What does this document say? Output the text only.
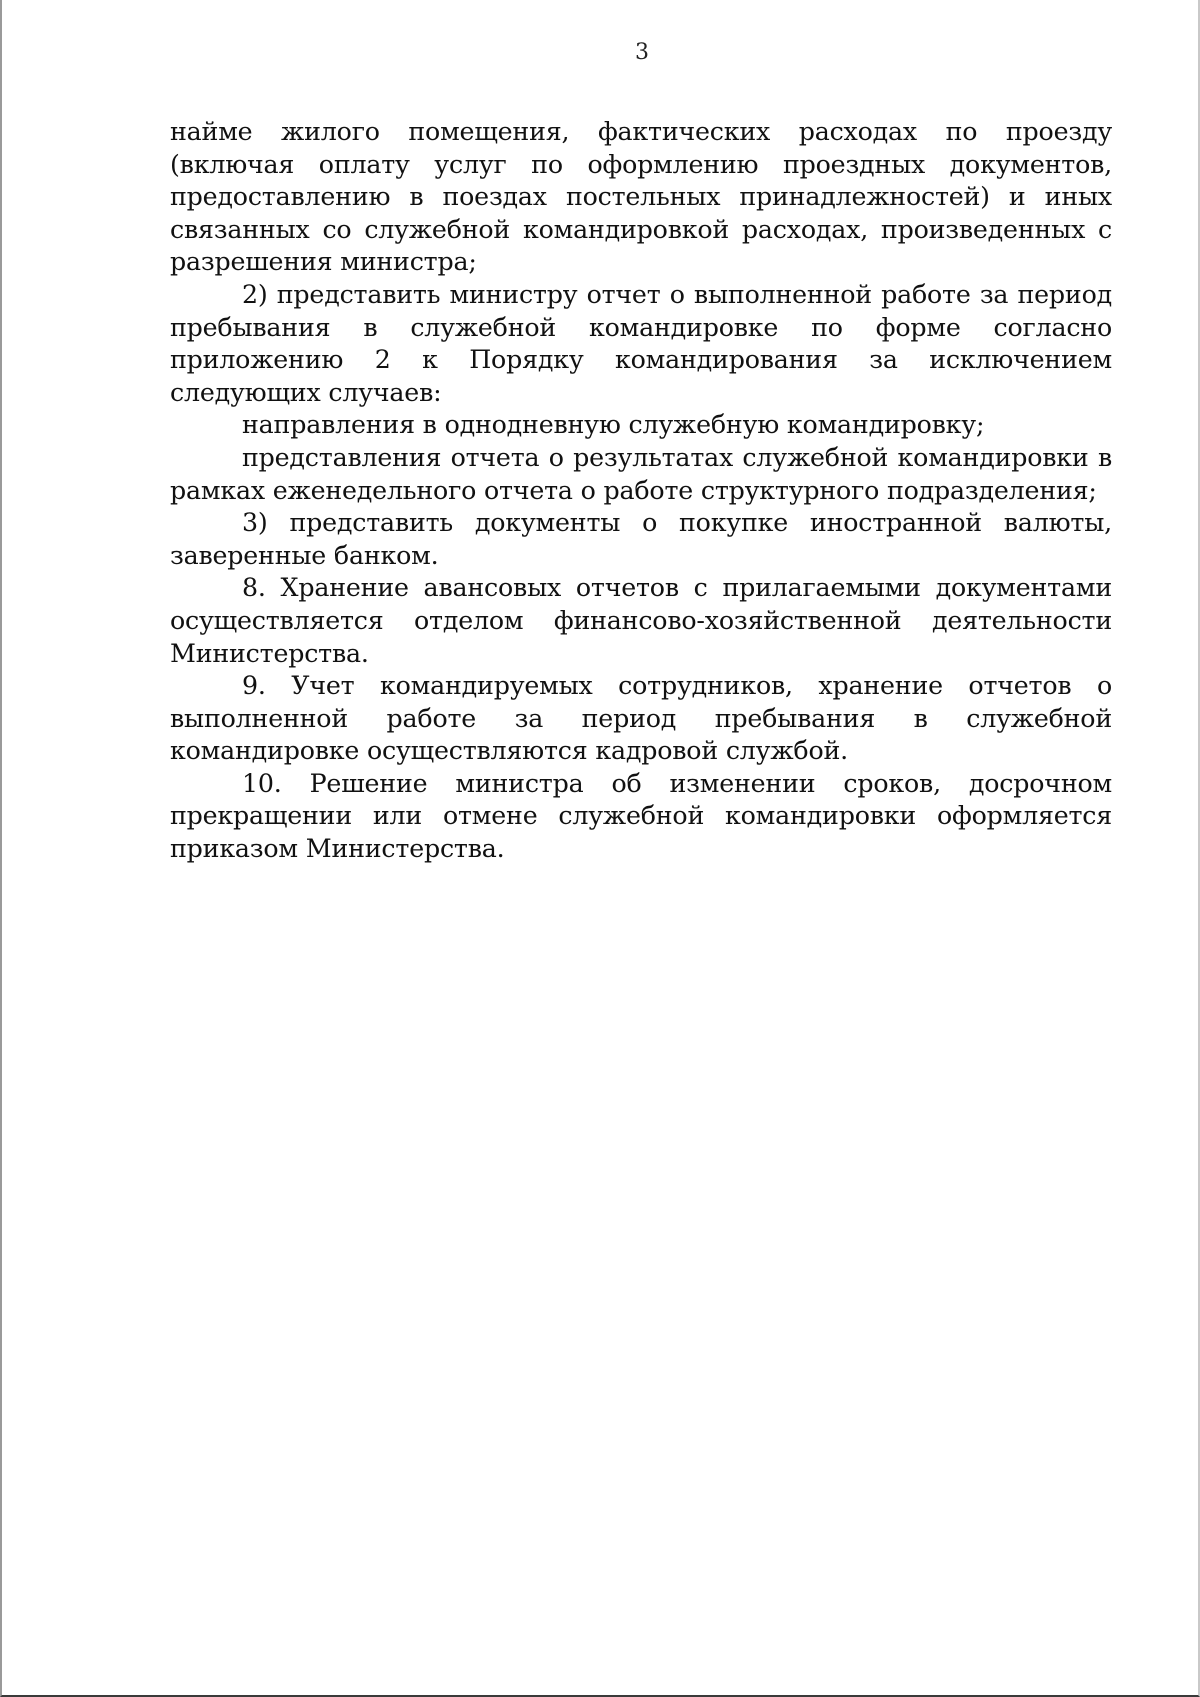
3

найме жилого помещения, фактических расходах по проезду (включая оплату услуг по оформлению проездных документов, предоставлению в поездах постельных принадлежностей) и иных связанных со служебной командировкой расходах, произведенных с разрешения министра;

2) представить министру отчет о выполненной работе за период пребывания в служебной командировке по форме согласно приложению 2 к Порядку командирования за исключением следующих случаев:

направления в однодневную служебную командировку;

представления отчета о результатах служебной командировки в рамках еженедельного отчета о работе структурного подразделения;

3) представить документы о покупке иностранной валюты, заверенные банком.

8. Хранение авансовых отчетов с прилагаемыми документами осуществляется отделом финансово-хозяйственной деятельности Министерства.

9. Учет командируемых сотрудников, хранение отчетов о выполненной работе за период пребывания в служебной командировке осуществляются кадровой службой.

10. Решение министра об изменении сроков, досрочном прекращении или отмене служебной командировки оформляется приказом Министерства.
